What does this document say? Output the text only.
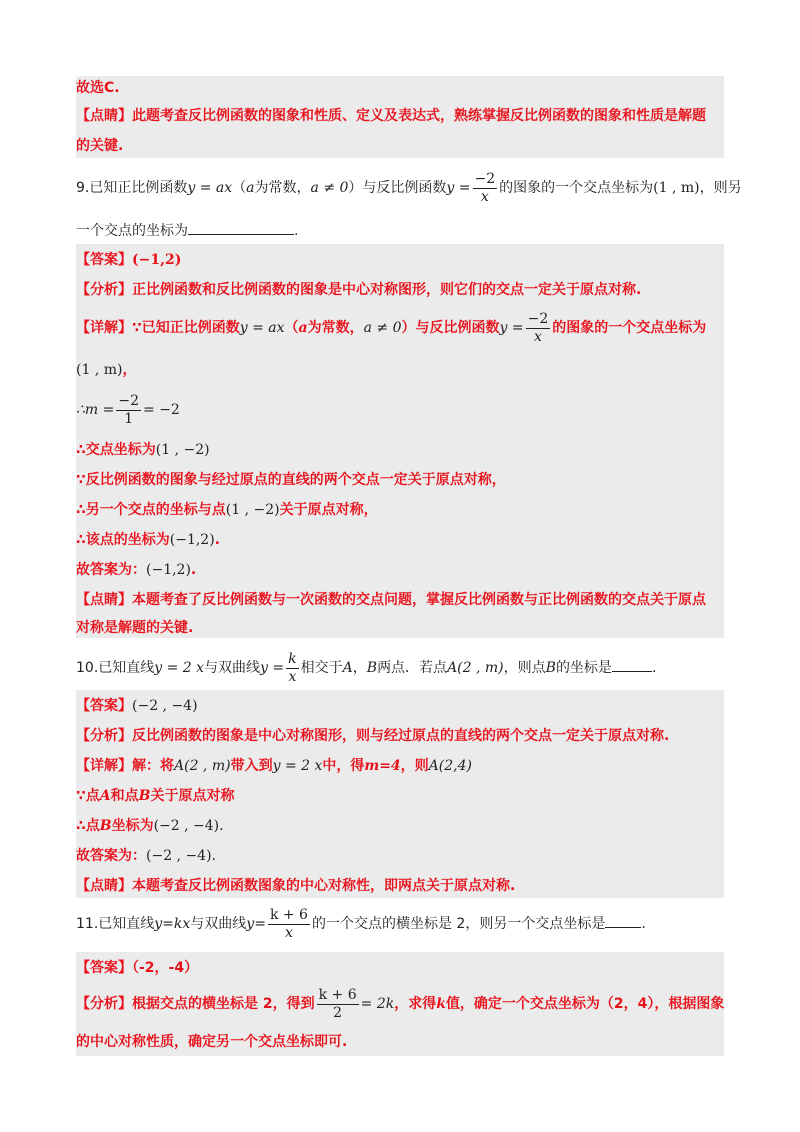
故选C.
【点睛】此题考查反比例函数的图象和性质、定义及表达式，熟练掌握反比例函数的图象和性质是解题
的关键.
9.已知正比例函数y = ax（a为常数，a ≠ 0）与反比例函数$y = \frac{-2}{x}$ 的图象的一个交点坐标为(1 , m)，则另
一个交点的坐标为	.
【答案】(−1,2)
【分析】正比例函数和反比例函数的图象是中心对称图形，则它们的交点一定关于原点对称.
【详解】∵已知正比例函数y = ax（a为常数，a ≠ 0）与反比例函数$y = \frac{-2}{x}$ 的图象的一个交点坐标为
(1 , m)，
∴m = $\frac{-2}{1} = -2$
∴交点坐标为(1 , −2)
∵反比例函数的图象与经过原点的直线的两个交点一定关于原点对称，
∴另一个交点的坐标与点(1 , −2)关于原点对称，
∴该点的坐标为(−1,2).
故答案为：(−1,2).
【点睛】本题考查了反比例函数与一次函数的交点问题，掌握反比例函数与正比例函数的交点关于原点
对称是解题的关键.
10.已知直线y = 2 x与双曲线$y = \frac{k}{x}$ 相交于A，B两点．若点A(2 , m)，则点B的坐标是	.
【答案】(−2 , −4)
【分析】反比例函数的图象是中心对称图形，则与经过原点的直线的两个交点一定关于原点对称.
【详解】解：将A(2 , m)带入到y = 2 x中，得m=4，则A(2,4)
∵点A和点B关于原点对称
∴点B坐标为(−2 , −4).
故答案为：(−2 , −4).
【点睛】本题考查反比例函数图象的中心对称性，即两点关于原点对称.
11.已知直线y=kx与双曲线$y= \frac{k + 6}{x}$ 的一个交点的横坐标是 2，则另一个交点坐标是	.
【答案】（-2，-4）
【分析】根据交点的横坐标是 2，得到 $\frac{k + 6}{2} = 2k$，求得k值，确定一个交点坐标为（2，4），根据图象
的中心对称性质，确定另一个交点坐标即可.
